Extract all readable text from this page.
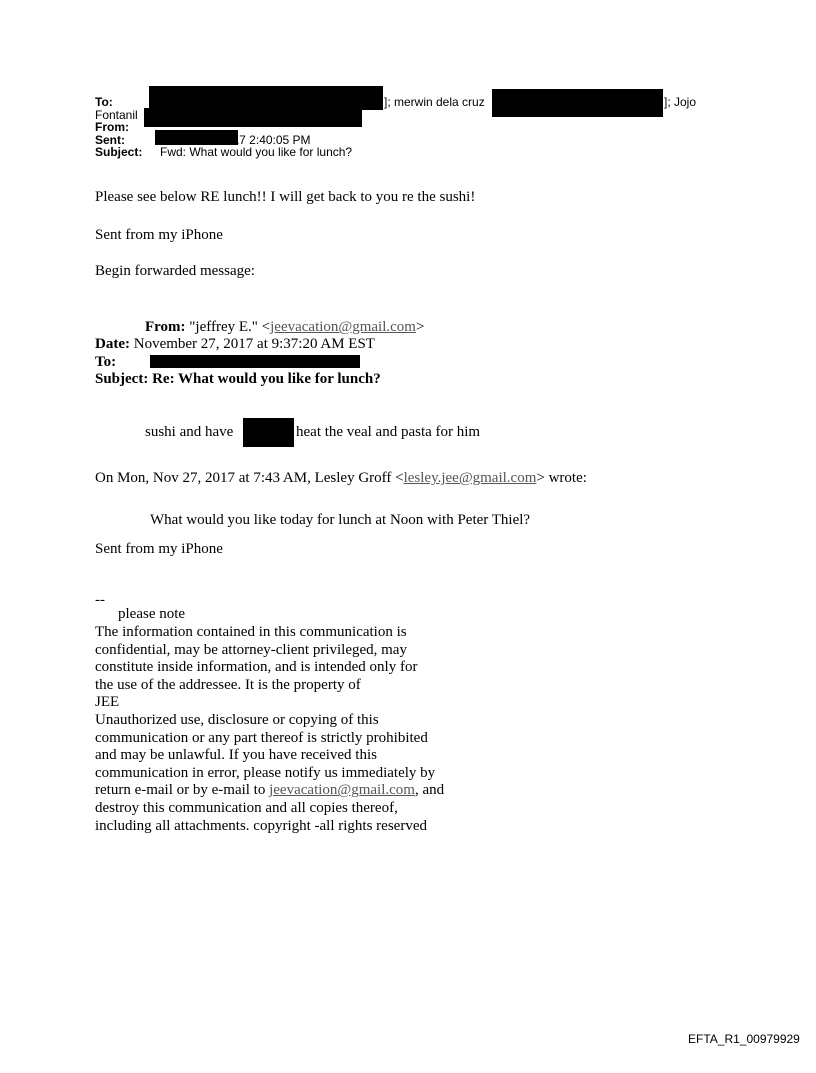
To:	]; merwin dela cruz	]; Jojo
Fontanil
From:
Sent:	Mon 11/27/2017 2:40:05 PM
Subject: Fwd: What would you like for lunch?
Please see below RE lunch!! I will get back to you re the sushi!
Sent from my iPhone
Begin forwarded message:
From: "jeffrey E." <jeevacation@gmail.com>
Date: November 27, 2017 at 9:37:20 AM EST
To:
Subject: Re: What would you like for lunch?
sushi and have	heat the veal and pasta for him
On Mon, Nov 27, 2017 at 7:43 AM, Lesley Groff <lesley.jee@gmail.com> wrote:
What would you like today for lunch at Noon with Peter Thiel?
Sent from my iPhone
--
please note
The information contained in this communication is
confidential, may be attorney-client privileged, may
constitute inside information, and is intended only for
the use of the addressee. It is the property of
JEE
Unauthorized use, disclosure or copying of this
communication or any part thereof is strictly prohibited
and may be unlawful. If you have received this
communication in error, please notify us immediately by
return e-mail or by e-mail to jeevacation@gmail.com, and
destroy this communication and all copies thereof,
including all attachments. copyright -all rights reserved
EFTA_R1_00979929
